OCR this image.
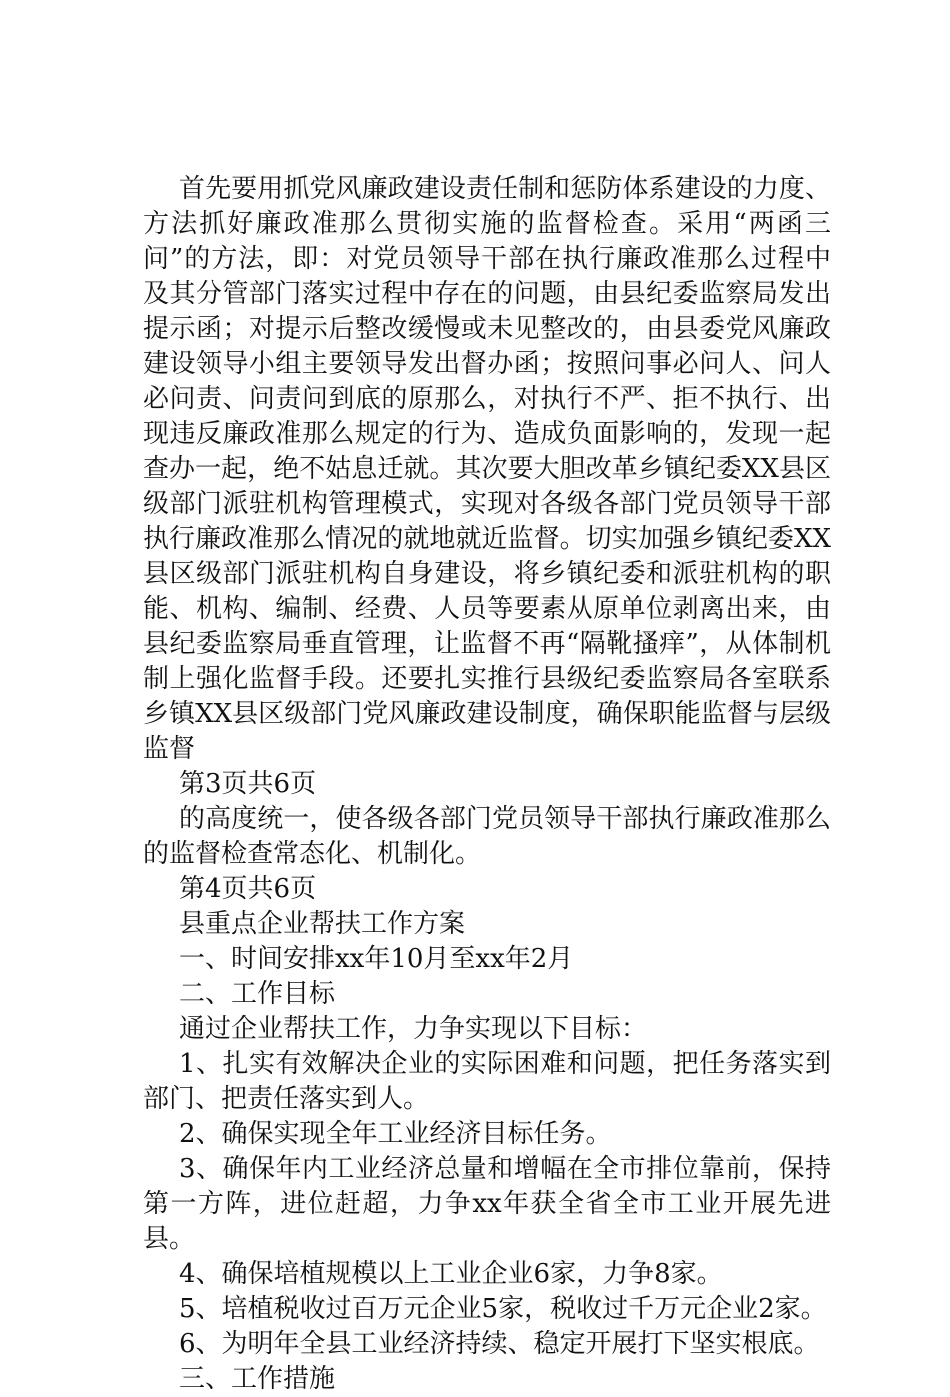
首先要用抓党风廉政建设责任制和惩防体系建设的力度、方法抓好廉政准那么贯彻实施的监督检查。采用“两函三问”的方法，即：对党员领导干部在执行廉政准那么过程中及其分管部门落实过程中存在的问题，由县纪委监察局发出提示函；对提示后整改缓慢或未见整改的，由县委党风廉政建设领导小组主要领导发出督办函；按照问事必问人、问人必问责、问责问到底的原那么，对执行不严、拒不执行、出现违反廉政准那么规定的行为、造成负面影响的，发现一起查办一起，绝不姑息迁就。其次要大胆改革乡镇纪委XX县区级部门派驻机构管理模式，实现对各级各部门党员领导干部执行廉政准那么情况的就地就近监督。切实加强乡镇纪委XX县区级部门派驻机构自身建设，将乡镇纪委和派驻机构的职能、机构、编制、经费、人员等要素从原单位剥离出来，由县纪委监察局垂直管理，让监督不再“隔靴搔痒”，从体制机制上强化监督手段。还要扎实推行县级纪委监察局各室联系乡镇XX县区级部门党风廉政建设制度，确保职能监督与层级监督

第3页共6页

的高度统一，使各级各部门党员领导干部执行廉政准那么的监督检查常态化、机制化。

第4页共6页

县重点企业帮扶工作方案

一、时间安排xx年10月至xx年2月

二、工作目标

通过企业帮扶工作，力争实现以下目标：

1、扎实有效解决企业的实际困难和问题，把任务落实到部门、把责任落实到人。

2、确保实现全年工业经济目标任务。

3、确保年内工业经济总量和增幅在全市排位靠前，保持第一方阵，进位赶超，力争xx年获全省全市工业开展先进县。

4、确保培植规模以上工业企业6家，力争8家。

5、培植税收过百万元企业5家，税收过千万元企业2家。

6、为明年全县工业经济持续、稳定开展打下坚实根底。

三、工作措施
